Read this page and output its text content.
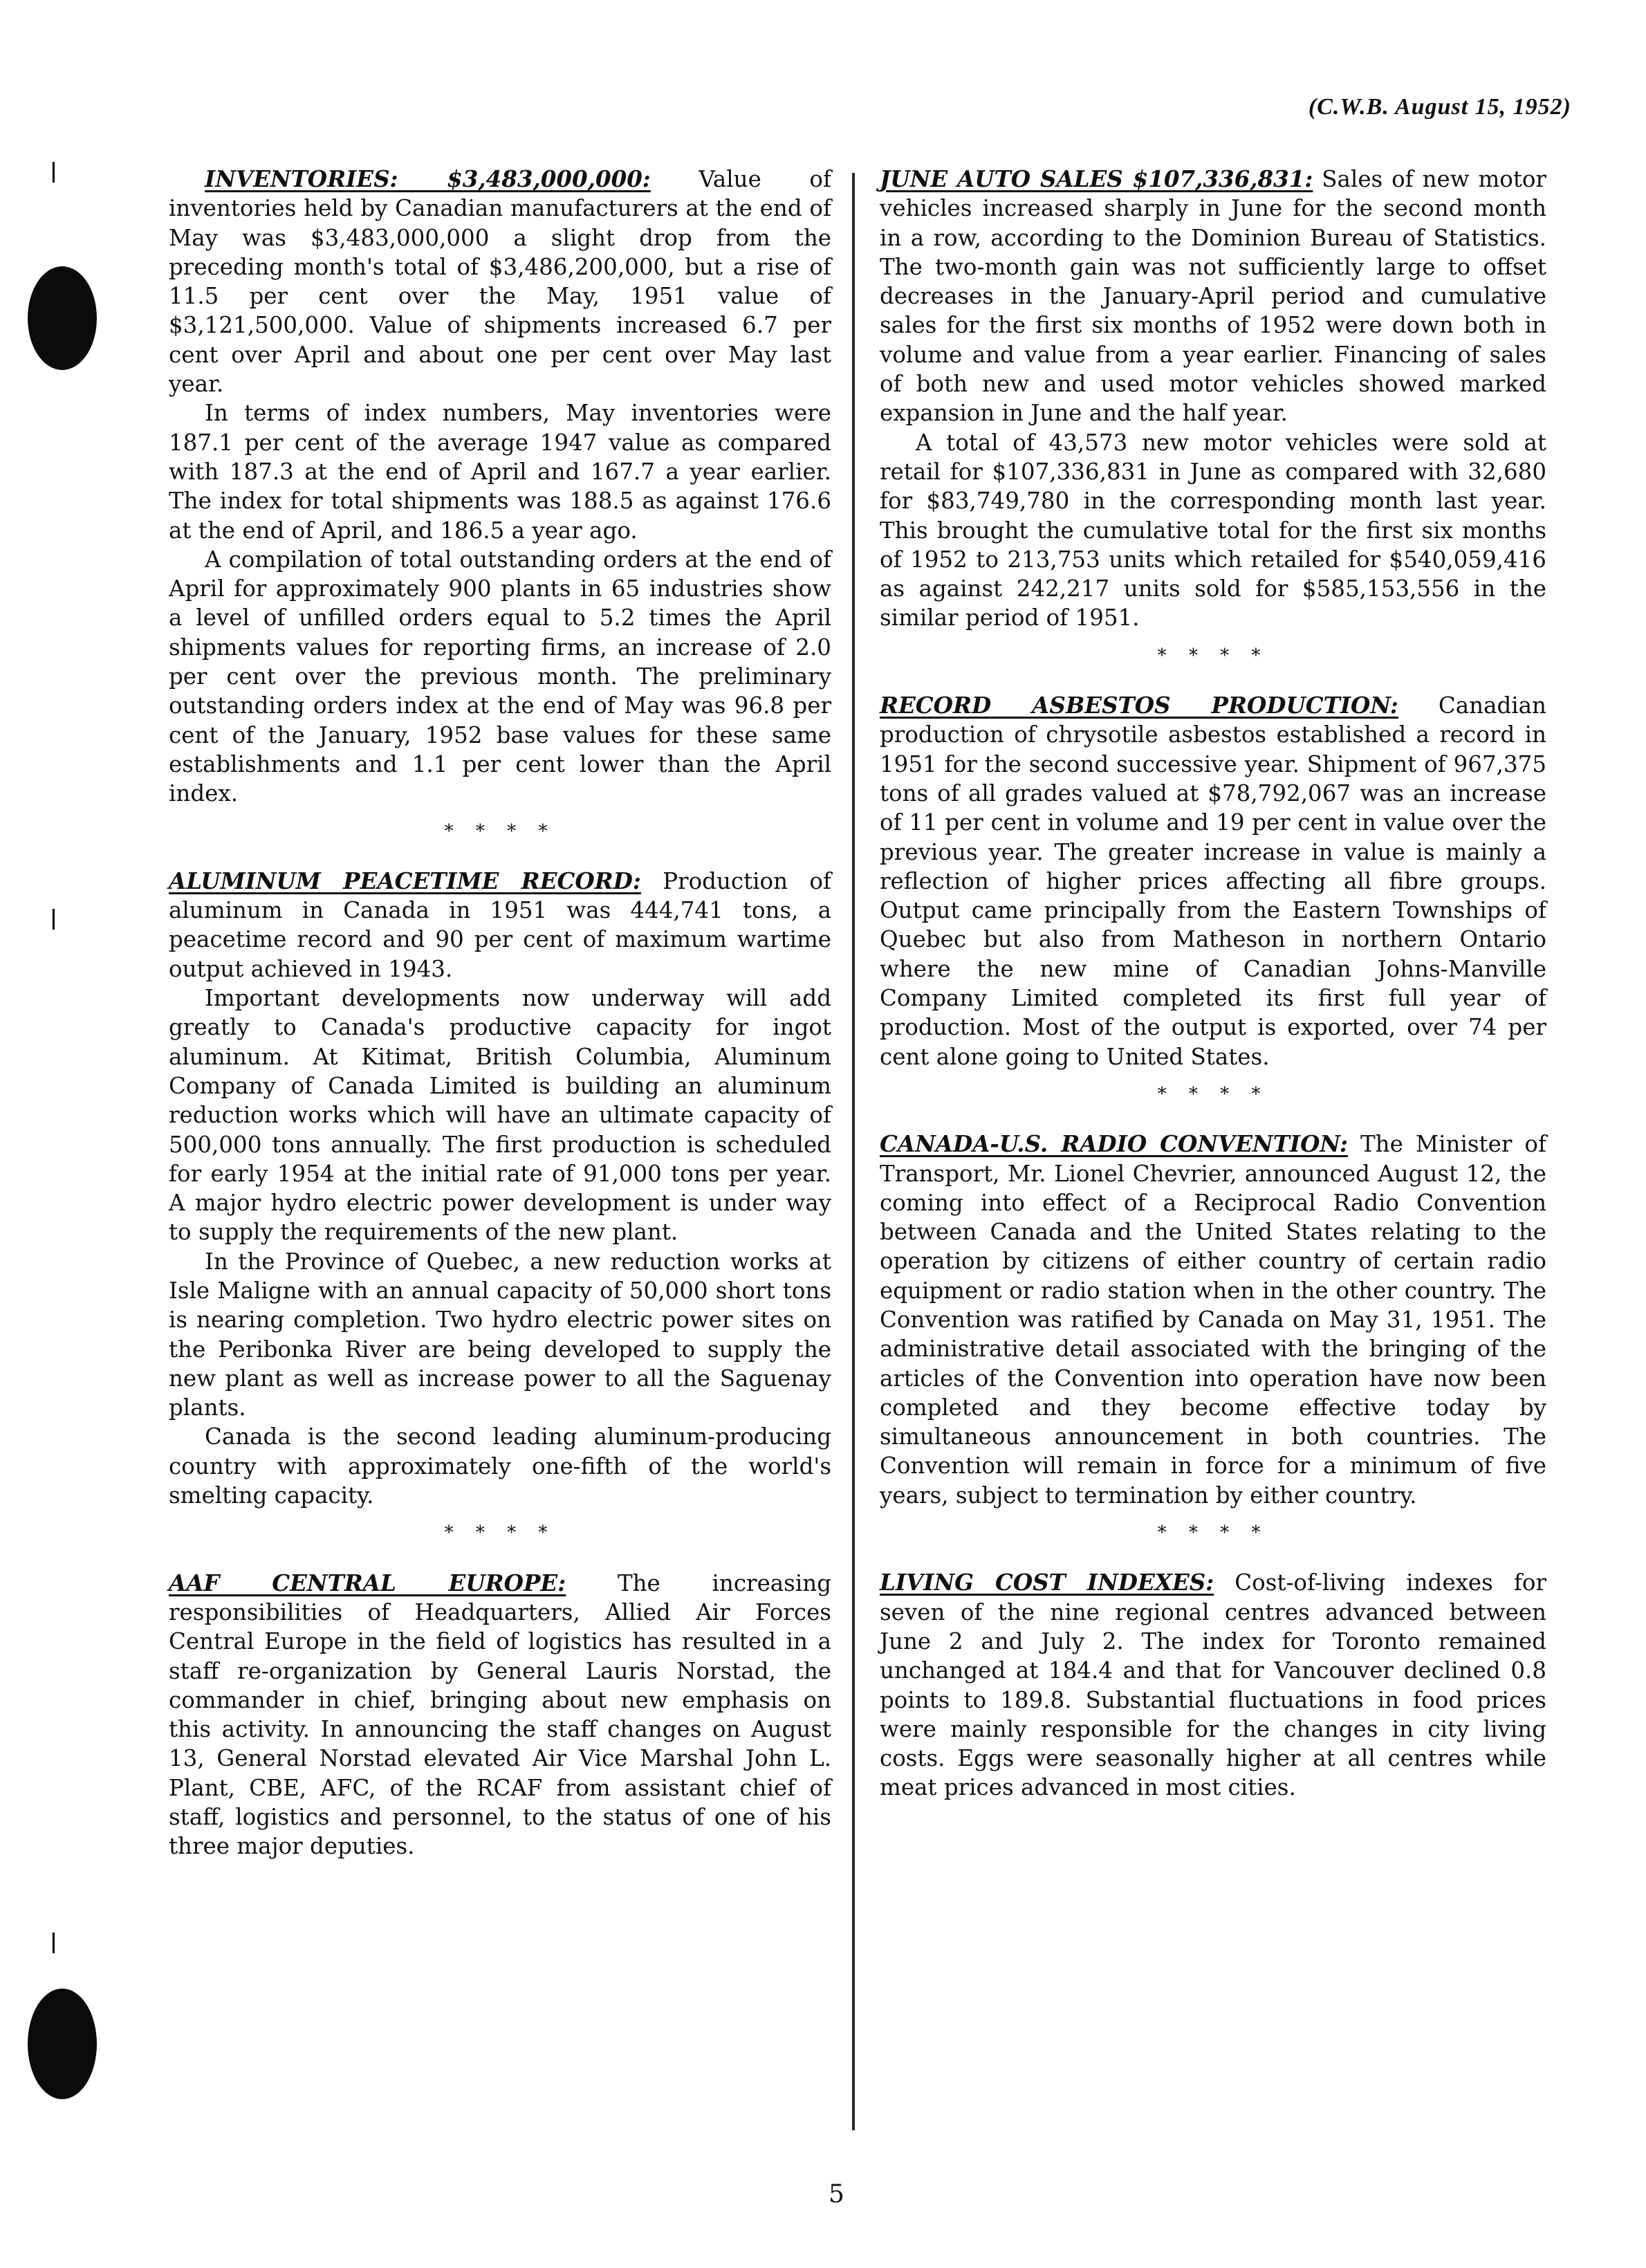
(C.W.B. August 15, 1952)
|
|
|

INVENTORIES: $3,483,000,000: Value of inventories held by Canadian manufacturers at the end of May was $3,483,000,000 a slight drop from the preceding month's total of $3,486,200,000, but a rise of 11.5 per cent over the May, 1951 value of $3,121,500,000. Value of shipments increased 6.7 per cent over April and about one per cent over May last year.

In terms of index numbers, May inventories were 187.1 per cent of the average 1947 value as compared with 187.3 at the end of April and 167.7 a year earlier. The index for total shipments was 188.5 as against 176.6 at the end of April, and 186.5 a year ago.

A compilation of total outstanding orders at the end of April for approximately 900 plants in 65 industries show a level of unfilled orders equal to 5.2 times the April shipments values for reporting firms, an increase of 2.0 per cent over the previous month. The preliminary outstanding orders index at the end of May was 96.8 per cent of the January, 1952 base values for these same establishments and 1.1 per cent lower than the April index.

* * * *

ALUMINUM PEACETIME RECORD: Production of aluminum in Canada in 1951 was 444,741 tons, a peacetime record and 90 per cent of maximum wartime output achieved in 1943.

Important developments now underway will add greatly to Canada's productive capacity for ingot aluminum. At Kitimat, British Columbia, Aluminum Company of Canada Limited is building an aluminum reduction works which will have an ultimate capacity of 500,000 tons annually. The first production is scheduled for early 1954 at the initial rate of 91,000 tons per year. A major hydro electric power development is under way to supply the requirements of the new plant.

In the Province of Quebec, a new reduction works at Isle Maligne with an annual capacity of 50,000 short tons is nearing completion. Two hydro electric power sites on the Peribonka River are being developed to supply the new plant as well as increase power to all the Saguenay plants.

Canada is the second leading aluminum-producing country with approximately one-fifth of the world's smelting capacity.

* * * *

AAF CENTRAL EUROPE: The increasing responsibilities of Headquarters, Allied Air Forces Central Europe in the field of logistics has resulted in a staff re-organization by General Lauris Norstad, the commander in chief, bringing about new emphasis on this activity. In announcing the staff changes on August 13, General Norstad elevated Air Vice Marshal John L. Plant, CBE, AFC, of the RCAF from assistant chief of staff, logistics and personnel, to the status of one of his three major deputies.

JUNE AUTO SALES $107,336,831: Sales of new motor vehicles increased sharply in June for the second month in a row, according to the Dominion Bureau of Statistics. The two-month gain was not sufficiently large to offset decreases in the January-April period and cumulative sales for the first six months of 1952 were down both in volume and value from a year earlier. Financing of sales of both new and used motor vehicles showed marked expansion in June and the half year.

A total of 43,573 new motor vehicles were sold at retail for $107,336,831 in June as compared with 32,680 for $83,749,780 in the corresponding month last year. This brought the cumulative total for the first six months of 1952 to 213,753 units which retailed for $540,059,416 as against 242,217 units sold for $585,153,556 in the similar period of 1951.

* * * *

RECORD ASBESTOS PRODUCTION: Canadian production of chrysotile asbestos established a record in 1951 for the second successive year. Shipment of 967,375 tons of all grades valued at $78,792,067 was an increase of 11 per cent in volume and 19 per cent in value over the previous year. The greater increase in value is mainly a reflection of higher prices affecting all fibre groups. Output came principally from the Eastern Townships of Quebec but also from Matheson in northern Ontario where the new mine of Canadian Johns-Manville Company Limited completed its first full year of production. Most of the output is exported, over 74 per cent alone going to United States.

* * * *

CANADA-U.S. RADIO CONVENTION: The Minister of Transport, Mr. Lionel Chevrier, announced August 12, the coming into effect of a Reciprocal Radio Convention between Canada and the United States relating to the operation by citizens of either country of certain radio equipment or radio station when in the other country. The Convention was ratified by Canada on May 31, 1951. The administrative detail associated with the bringing of the articles of the Convention into operation have now been completed and they become effective today by simultaneous announcement in both countries. The Convention will remain in force for a minimum of five years, subject to termination by either country.

* * * *

LIVING COST INDEXES: Cost-of-living indexes for seven of the nine regional centres advanced between June 2 and July 2. The index for Toronto remained unchanged at 184.4 and that for Vancouver declined 0.8 points to 189.8. Substantial fluctuations in food prices were mainly responsible for the changes in city living costs. Eggs were seasonally higher at all centres while meat prices advanced in most cities.

5
